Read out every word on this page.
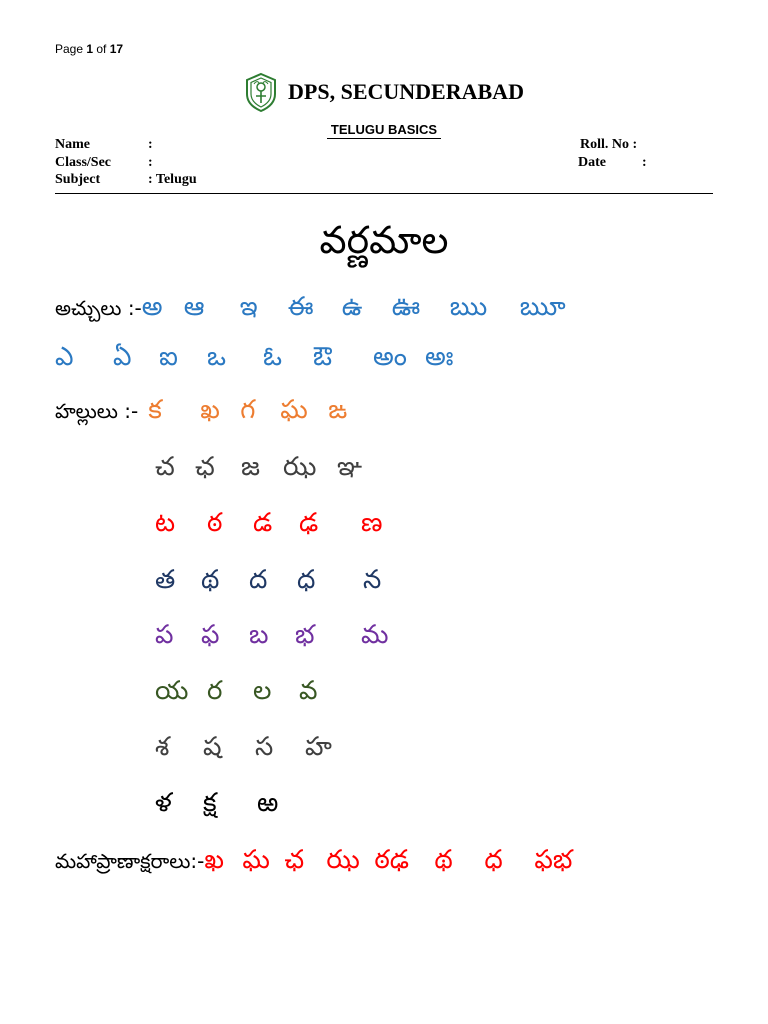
Page 1 of 17
DPS, SECUNDERABAD
TELUGU BASICS
Name	:
Class/Sec	:
Subject	: Telugu
Roll. No :
Date	:
వర్ణమాల
అచ్చులు :- అ ఆ	ఇ	ఈ	ఉ	ఊ	ఋ	ౠ
ఎ	ఏ	ఐ	ఒ	ఓ	ఔ	అం అః
హల్లులు :- క	ఖ గ ఘ ఙ
చ ఛ	జ ఝ ఞ
ట	ఠ	డ	ఢ	ణ
త థ	ద	ధ	న
ప	ఫ	బ	భ	మ
య ర	ల	వ
శ	ష	స	హ
ళ	క్ష	ఱ
మహాప్రాణాక్షరాలు:- ఖ ఘ ఛ ఝ ఠఢ థ	ధ	ఫభ
